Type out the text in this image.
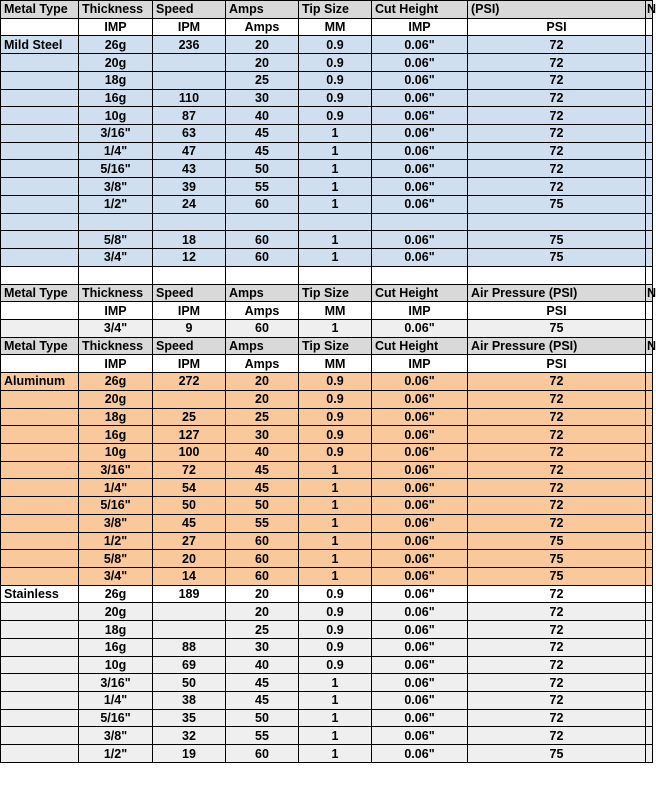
Metal Type	Thickness	Speed	Amps	Tip Size	Cut Height	(PSI)	N
	IMP	IPM	Amps	MM	IMP	PSI	
Mild Steel	26g	236	20	0.9	0.06"	72	
	20g		20	0.9	0.06"	72	
	18g		25	0.9	0.06"	72	
	16g	110	30	0.9	0.06"	72	
	10g	87	40	0.9	0.06"	72	
	3/16"	63	45	1	0.06"	72	
	1/4"	47	45	1	0.06"	72	
	5/16"	43	50	1	0.06"	72	
	3/8"	39	55	1	0.06"	72	
	1/2"	24	60	1	0.06"	75	

	5/8"	18	60	1	0.06"	75	
	3/4"	12	60	1	0.06"	75	

Metal Type	Thickness	Speed	Amps	Tip Size	Cut Height	Air Pressure (PSI)	N
	IMP	IPM	Amps	MM	IMP	PSI	
	3/4"	9	60	1	0.06"	75	
Metal Type	Thickness	Speed	Amps	Tip Size	Cut Height	Air Pressure (PSI)	N
	IMP	IPM	Amps	MM	IMP	PSI	
Aluminum	26g	272	20	0.9	0.06"	72	
	20g		20	0.9	0.06"	72	
	18g	25	25	0.9	0.06"	72	
	16g	127	30	0.9	0.06"	72	
	10g	100	40	0.9	0.06"	72	
	3/16"	72	45	1	0.06"	72	
	1/4"	54	45	1	0.06"	72	
	5/16"	50	50	1	0.06"	72	
	3/8"	45	55	1	0.06"	72	
	1/2"	27	60	1	0.06"	75	
	5/8"	20	60	1	0.06"	75	
	3/4"	14	60	1	0.06"	75	
Stainless	26g	189	20	0.9	0.06"	72	
	20g		20	0.9	0.06"	72	
	18g		25	0.9	0.06"	72	
	16g	88	30	0.9	0.06"	72	
	10g	69	40	0.9	0.06"	72	
	3/16"	50	45	1	0.06"	72	
	1/4"	38	45	1	0.06"	72	
	5/16"	35	50	1	0.06"	72	
	3/8"	32	55	1	0.06"	72	
	1/2"	19	60	1	0.06"	75	
